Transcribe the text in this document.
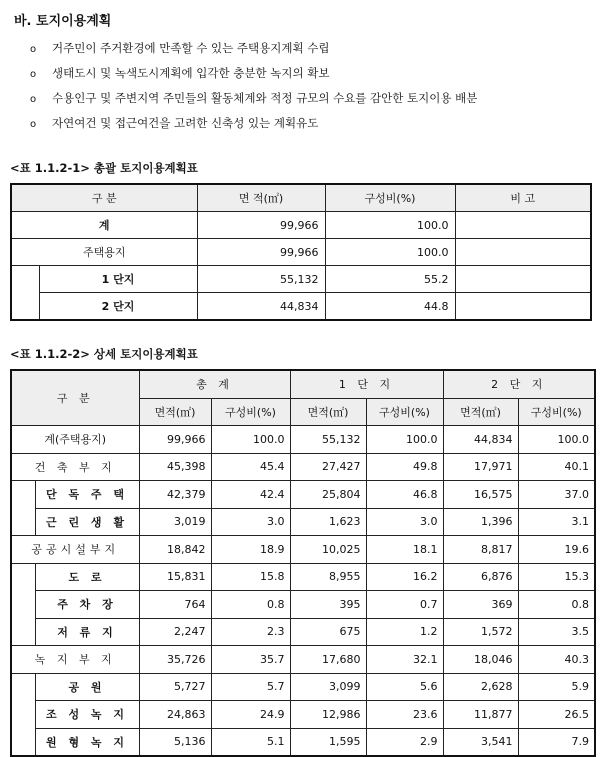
바. 토지이용계획
o 거주민이 주거환경에 만족할 수 있는 주택용지계획 수립
o 생태도시 및 녹색도시계획에 입각한 충분한 녹지의 확보
o 수용인구 및 주변지역 주민들의 활동체계와 적정 규모의 수요를 감안한 토지이용 배분
o 자연여건 및 접근여건을 고려한 신축성 있는 계획유도
<표 1.1.2-1> 총괄 토지이용계획표
구 분		면 적(㎡)	구성비(%)	비 고
계		99,966	100.0	
주택용지		99,966	100.0	
	1 단지	55,132	55.2	
	2 단지	44,834	44.8	
<표 1.1.2-2> 상세 토지이용계획표
구 분		총 계		1 단 지		2 단 지	
		면적(㎡)	구성비(%)	면적(㎡)	구성비(%)	면적(㎡)	구성비(%)
계(주택용지)		99,966	100.0	55,132	100.0	44,834	100.0
건 축 부 지		45,398	45.4	27,427	49.8	17,971	40.1
	단 독 주 택	42,379	42.4	25,804	46.8	16,575	37.0
	근 린 생 활	3,019	3.0	1,623	3.0	1,396	3.1
공공시설부지		18,842	18.9	10,025	18.1	8,817	19.6
	도 로	15,831	15.8	8,955	16.2	6,876	15.3
	주 차 장	764	0.8	395	0.7	369	0.8
	저 류 지	2,247	2.3	675	1.2	1,572	3.5
녹 지 부 지		35,726	35.7	17,680	32.1	18,046	40.3
	공 원	5,727	5.7	3,099	5.6	2,628	5.9
	조 성 녹 지	24,863	24.9	12,986	23.6	11,877	26.5
	원 형 녹 지	5,136	5.1	1,595	2.9	3,541	7.9
